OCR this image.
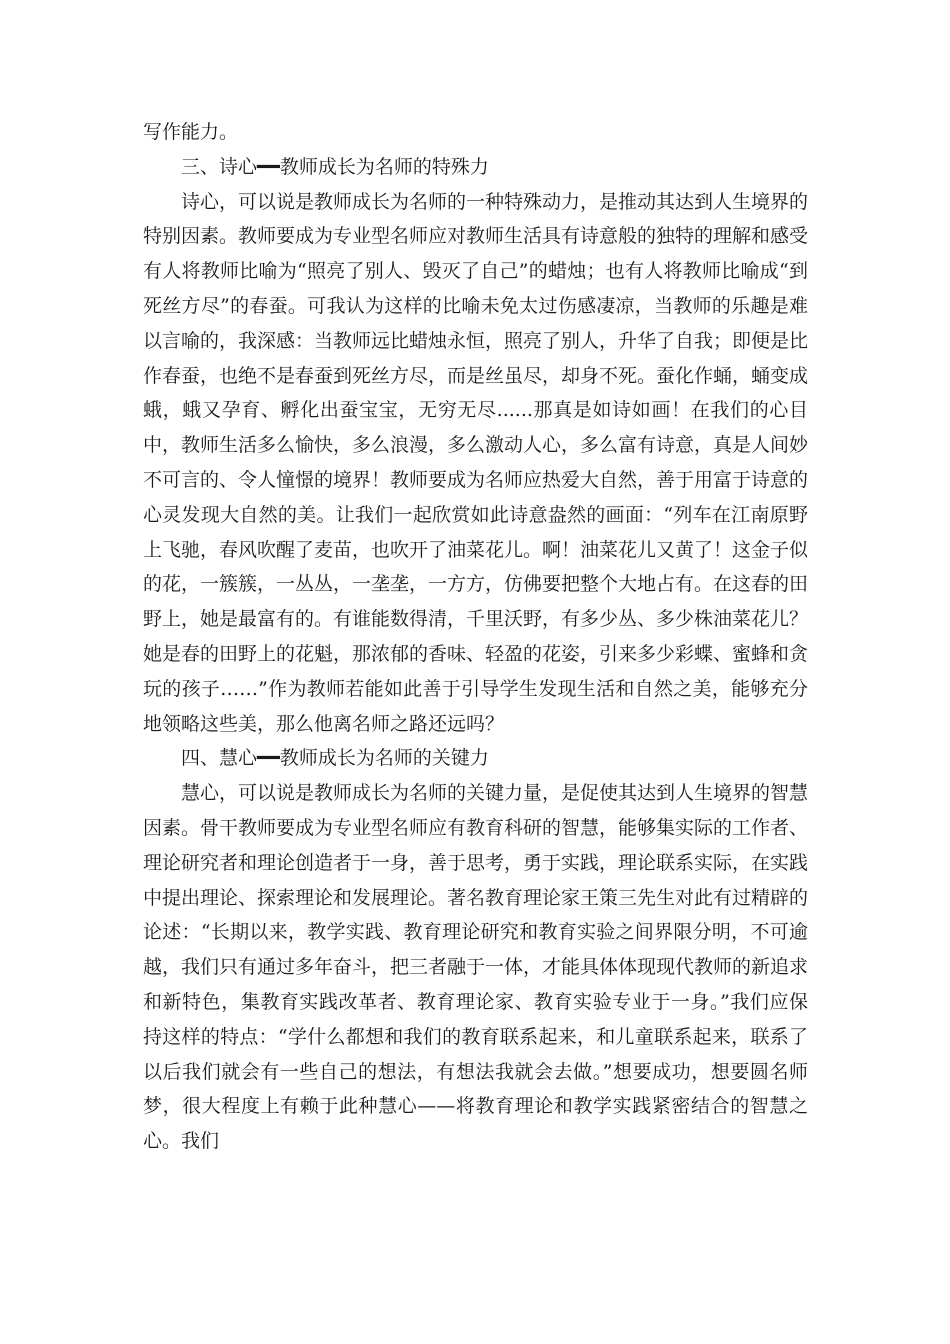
写作能力。

三、诗心━━教师成长为名师的特殊力

诗心，可以说是教师成长为名师的一种特殊动力，是推动其达到人生境界的特别因素。教师要成为专业型名师应对教师生活具有诗意般的独特的理解和感受有人将教师比喻为“照亮了别人、毁灭了自己”的蜡烛；也有人将教师比喻成“到死丝方尽”的春蚕。可我认为这样的比喻未免太过伤感凄凉，当教师的乐趣是难以言喻的，我深感：当教师远比蜡烛永恒，照亮了别人，升华了自我；即便是比作春蚕，也绝不是春蚕到死丝方尽，而是丝虽尽，却身不死。蚕化作蛹，蛹变成蛾，蛾又孕育、孵化出蚕宝宝，无穷无尽......那真是如诗如画！在我们的心目中，教师生活多么愉快，多么浪漫，多么激动人心，多么富有诗意，真是人间妙不可言的、令人憧憬的境界！教师要成为名师应热爱大自然，善于用富于诗意的心灵发现大自然的美。让我们一起欣赏如此诗意盎然的画面：“列车在江南原野上飞驰，春风吹醒了麦苗，也吹开了油菜花儿。啊！油菜花儿又黄了！这金子似的花，一簇簇，一丛丛，一垄垄，一方方，仿佛要把整个大地占有。在这春的田野上，她是最富有的。有谁能数得清，千里沃野，有多少丛、多少株油菜花儿？她是春的田野上的花魁，那浓郁的香味、轻盈的花姿，引来多少彩蝶、蜜蜂和贪玩的孩子……”作为教师若能如此善于引导学生发现生活和自然之美，能够充分地领略这些美，那么他离名师之路还远吗？

四、慧心━━教师成长为名师的关键力

慧心，可以说是教师成长为名师的关键力量，是促使其达到人生境界的智慧因素。骨干教师要成为专业型名师应有教育科研的智慧，能够集实际的工作者、理论研究者和理论创造者于一身，善于思考，勇于实践，理论联系实际，在实践中提出理论、探索理论和发展理论。著名教育理论家王策三先生对此有过精辟的论述：“长期以来，教学实践、教育理论研究和教育实验之间界限分明，不可逾越，我们只有通过多年奋斗，把三者融于一体，才能具体体现现代教师的新追求和新特色，集教育实践改革者、教育理论家、教育实验专业于一身。”我们应保持这样的特点：“学什么都想和我们的教育联系起来，和儿童联系起来，联系了以后我们就会有一些自己的想法，有想法我就会去做。”想要成功，想要圆名师梦，很大程度上有赖于此种慧心——将教育理论和教学实践紧密结合的智慧之心。我们
